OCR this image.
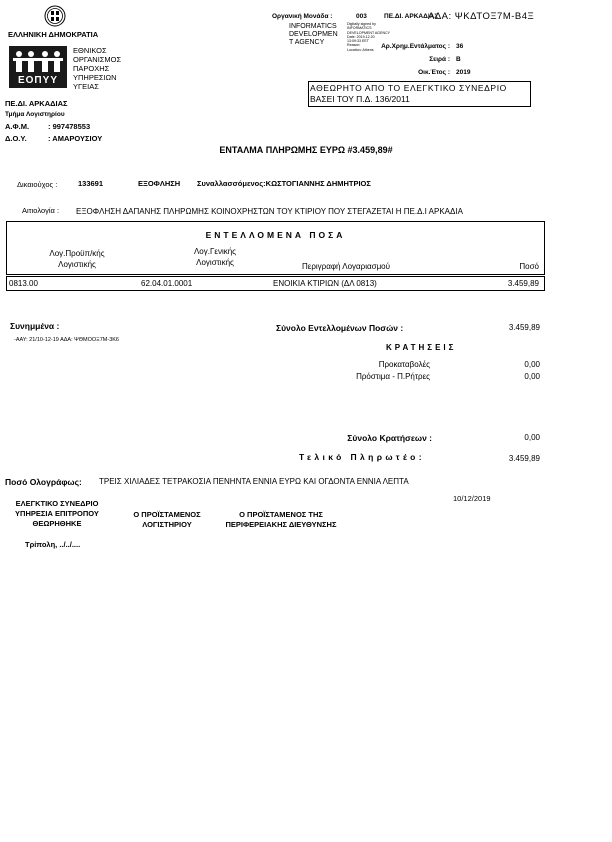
ΕΛΛΗΝΙΚΗ ΔΗΜΟΚΡΑΤΙΑ
ΕΟΠΥΥ
ΕΘΝΙΚΟΣ
ΟΡΓΑΝΙΣΜΟΣ
ΠΑΡΟΧΗΣ
ΥΠΗΡΕΣΙΩΝ
ΥΓΕΙΑΣ
ΠΕ.ΔΙ. ΑΡΚΑΔΙΑΣ
Τμήμα Λογιστηρίου
Α.Φ.Μ.	: 997478553
Δ.Ο.Υ.	: ΑΜΑΡΟΥΣΙΟΥ
Οργανική Μονάδα :	003	ΠΕ.ΔΙ. ΑΡΚΑΔΙΑΣ
ΑΔΑ: ΨΚΔΤΟΞ7Μ-Β4Ξ
INFORMATICS
DEVELOPMEN
T AGENCY
Digitally signed by
INFORMATICS
DEVELOPMENT AGENCY
Date: 2019.12.20
13:09:33 EET
Reason:
Location: Athens	Αρ.Χρημ.Εντάλματος : 36
Σειρά : Β
Οικ.Έτος : 2019
ΑΘΕΩΡΗΤΟ ΑΠΟ ΤΟ ΕΛΕΓΚΤΙΚΟ ΣΥΝΕΔΡΙΟ
ΒΑΣΕΙ ΤΟΥ Π.Δ. 136/2011
ΕΝΤΑΛΜΑ ΠΛΗΡΩΜΗΣ ΕΥΡΩ #3.459,89#
Δικαιούχος :	133691	ΕΞΟΦΛΗΣΗ Συναλλασσόμενος:ΚΩΣΤΟΓΙΑΝΝΗΣ ΔΗΜΗΤΡΙΟΣ
Αιτιολογία : ΕΞΟΦΛΗΣΗ ΔΑΠΑΝΗΣ ΠΛΗΡΩΜΗΣ ΚΟΙΝΟΧΡΗΣΤΩΝ ΤΟΥ ΚΤΙΡΙΟΥ ΠΟΥ ΣΤΕΓΑΖΕΤΑΙ Η ΠΕ.Δ.Ι ΑΡΚΑΔΙΑ
ΕΝΤΕΛΛΟΜΕΝΑ ΠΟΣΑ
Λογ.Προϋπ/κής
Λογιστικής
Λογ.Γενικής
Λογιστικής	Περιγραφή Λογαριασμού	Ποσό
0813.00	62.04.01.0001	ΕΝΟΙΚΙΑ ΚΤΙΡΙΩΝ (ΔΛ 0813)	3.459,89
Συνημμένα :
-ΑΑΥ: 21/10-12-19 ΑΔΑ: ΨΘΜΟΟΞ7Μ-3Κ6
Σύνολο Εντελλομένων Ποσών :	3.459,89
ΚΡΑΤΗΣΕΙΣ
Προκαταβολές	0,00
Πρόστιμα - Π.Ρήτρες	0,00
Σύνολο Κρατήσεων :	0,00
Τελικό Πληρωτέο:	3.459,89
Ποσό Ολογράφως: ΤΡΕΙΣ ΧΙΛΙΑΔΕΣ ΤΕΤΡΑΚΟΣΙΑ ΠΕΝΗΝΤΑ ΕΝΝΙΑ ΕΥΡΩ ΚΑΙ ΟΓΔΟΝΤΑ ΕΝΝΙΑ ΛΕΠΤΑ
10/12/2019
ΕΛΕΓΚΤΙΚΟ ΣΥΝΕΔΡΙΟ
ΥΠΗΡΕΣΙΑ ΕΠΙΤΡΟΠΟΥ
ΘΕΩΡΗΘΗΚΕ
Ο ΠΡΟΪΣΤΑΜΕΝΟΣ
ΛΟΓΙΣΤΗΡΙΟΥ
Ο ΠΡΟΪΣΤΑΜΕΝΟΣ ΤΗΣ
ΠΕΡΙΦΕΡΕΙΑΚΗΣ ΔΙΕΥΘΥΝΣΗΣ
Τρίπολη, ../../....
